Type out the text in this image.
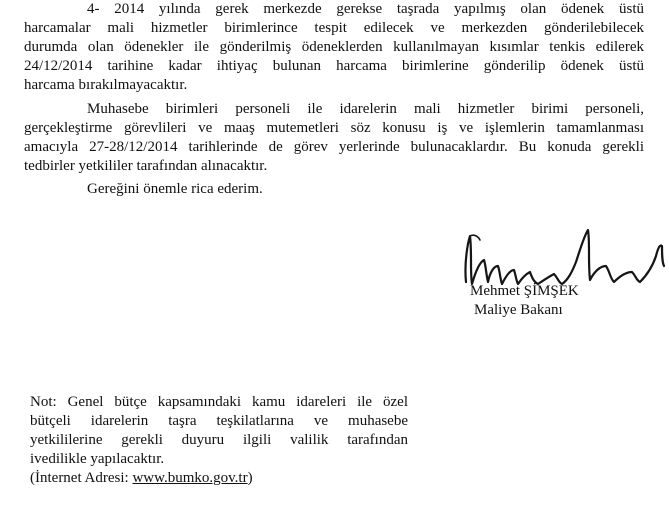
4- 2014 yılında gerek merkezde gerekse taşrada yapılmış olan ödenek üstü
harcamalar mali hizmetler birimlerince tespit edilecek ve merkezden gönderilebilecek
durumda olan ödenekler ile gönderilmiş ödeneklerden kullanılmayan kısımlar tenkis edilerek
24/12/2014 tarihine kadar ihtiyaç bulunan harcama birimlerine gönderilip ödenek üstü
harcama bırakılmayacaktır.
Muhasebe birimleri personeli ile idarelerin mali hizmetler birimi personeli,
gerçekleştirme görevlileri ve maaş mutemetleri söz konusu iş ve işlemlerin tamamlanması
amacıyla 27-28/12/2014 tarihlerinde de görev yerlerinde bulunacaklardır. Bu konuda gerekli
tedbirler yetkililer tarafından alınacaktır.

Gereğini önemle rica ederim.

Mehmet ŞİMŞEK

Maliye Bakanı

Not: Genel bütçe kapsamındaki kamu idareleri ile özel
bütçeli idarelerin taşra teşkilatlarına ve muhasebe
yetkililerine gerekli duyuru ilgili valilik tarafından
ivedilikle yapılacaktır.

(İnternet Adresi: www.bumko.gov.tr)
